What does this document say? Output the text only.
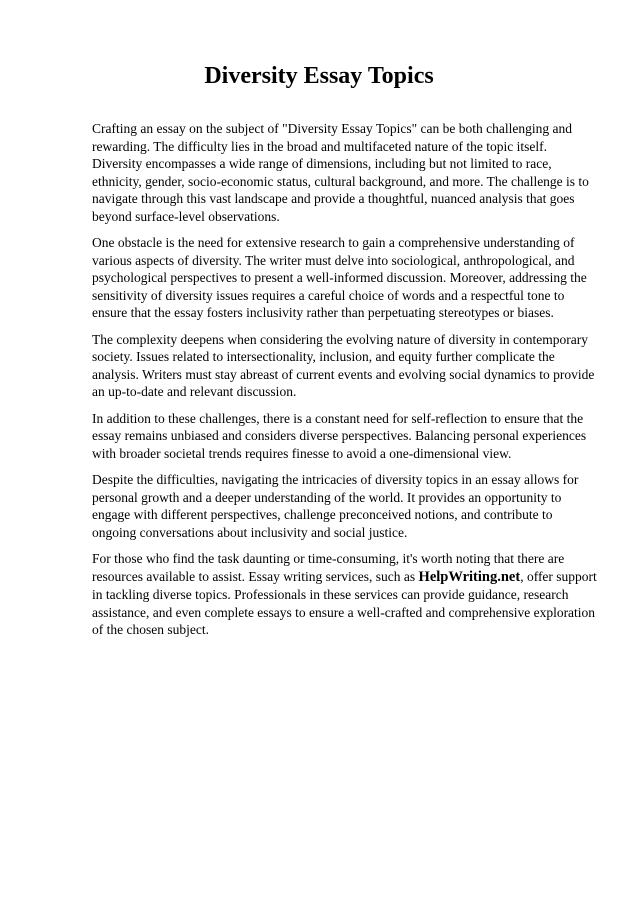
Diversity Essay Topics

Crafting an essay on the subject of "Diversity Essay Topics" can be both challenging and rewarding. The difficulty lies in the broad and multifaceted nature of the topic itself. Diversity encompasses a wide range of dimensions, including but not limited to race, ethnicity, gender, socio-economic status, cultural background, and more. The challenge is to navigate through this vast landscape and provide a thoughtful, nuanced analysis that goes beyond surface-level observations.

One obstacle is the need for extensive research to gain a comprehensive understanding of various aspects of diversity. The writer must delve into sociological, anthropological, and psychological perspectives to present a well-informed discussion. Moreover, addressing the sensitivity of diversity issues requires a careful choice of words and a respectful tone to ensure that the essay fosters inclusivity rather than perpetuating stereotypes or biases.

The complexity deepens when considering the evolving nature of diversity in contemporary society. Issues related to intersectionality, inclusion, and equity further complicate the analysis. Writers must stay abreast of current events and evolving social dynamics to provide an up-to-date and relevant discussion.

In addition to these challenges, there is a constant need for self-reflection to ensure that the essay remains unbiased and considers diverse perspectives. Balancing personal experiences with broader societal trends requires finesse to avoid a one-dimensional view.

Despite the difficulties, navigating the intricacies of diversity topics in an essay allows for personal growth and a deeper understanding of the world. It provides an opportunity to engage with different perspectives, challenge preconceived notions, and contribute to ongoing conversations about inclusivity and social justice.

For those who find the task daunting or time-consuming, it's worth noting that there are resources available to assist. Essay writing services, such as HelpWriting.net, offer support in tackling diverse topics. Professionals in these services can provide guidance, research assistance, and even complete essays to ensure a well-crafted and comprehensive exploration of the chosen subject.
